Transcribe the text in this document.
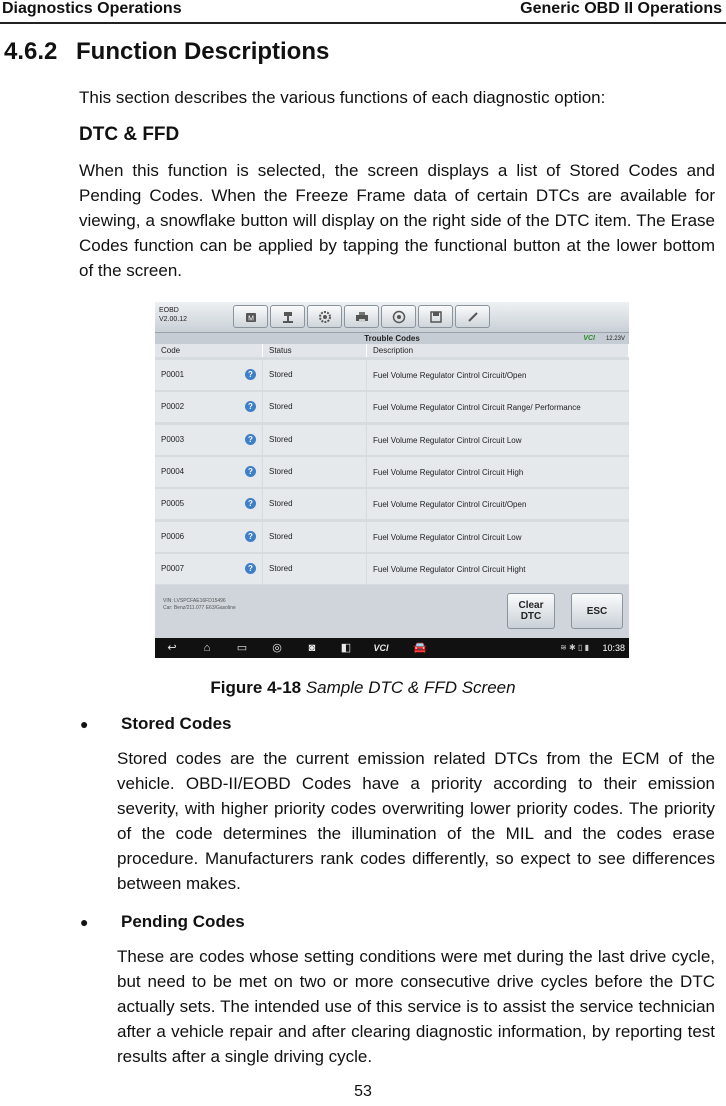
Diagnostics Operations	Generic OBD II Operations
4.6.2 Function Descriptions

This section describes the various functions of each diagnostic option:

DTC & FFD

When this function is selected, the screen displays a list of Stored Codes and Pending Codes. When the Freeze Frame data of certain DTCs are available for viewing, a snowflake button will display on the right side of the DTC item. The Erase Codes function can be applied by tapping the functional button at the lower bottom of the screen.

EOBD
V2.00.12	M
Trouble Codes	VCI 12.23V
Code	Status	Description
P0001	?	Stored	Fuel Volume Regulator Cintrol Circuit/Open
P0002	?	Stored	Fuel Volume Regulator Cintrol Circuit Range/ Performance
P0003	?	Stored	Fuel Volume Regulator Cintrol Circuit Low
P0004	?	Stored	Fuel Volume Regulator Cintrol Circuit High
P0005	?	Stored	Fuel Volume Regulator Cintrol Circuit/Open
P0006	?	Stored	Fuel Volume Regulator Cintrol Circuit Low
P0007	?	Stored	Fuel Volume Regulator Cintrol Circuit Hight
VIN: LVSPCFAE16FD15496
Car: Benz/211.077 E63/Gasoline	Clear
DTC	ESC
↩	⌂	▭ ◎	◙	◧	VCI	🚘	≋ ✱ ▯ ▮ 10:38
Figure 4-18 Sample DTC & FFD Screen
● Stored Codes

Stored codes are the current emission related DTCs from the ECM of the vehicle. OBD-II/EOBD Codes have a priority according to their emission severity, with higher priority codes overwriting lower priority codes. The priority of the code determines the illumination of the MIL and the codes erase procedure. Manufacturers rank codes differently, so expect to see differences between makes.

● Pending Codes

These are codes whose setting conditions were met during the last drive cycle, but need to be met on two or more consecutive drive cycles before the DTC actually sets. The intended use of this service is to assist the service technician after a vehicle repair and after clearing diagnostic information, by reporting test results after a single driving cycle.

53
